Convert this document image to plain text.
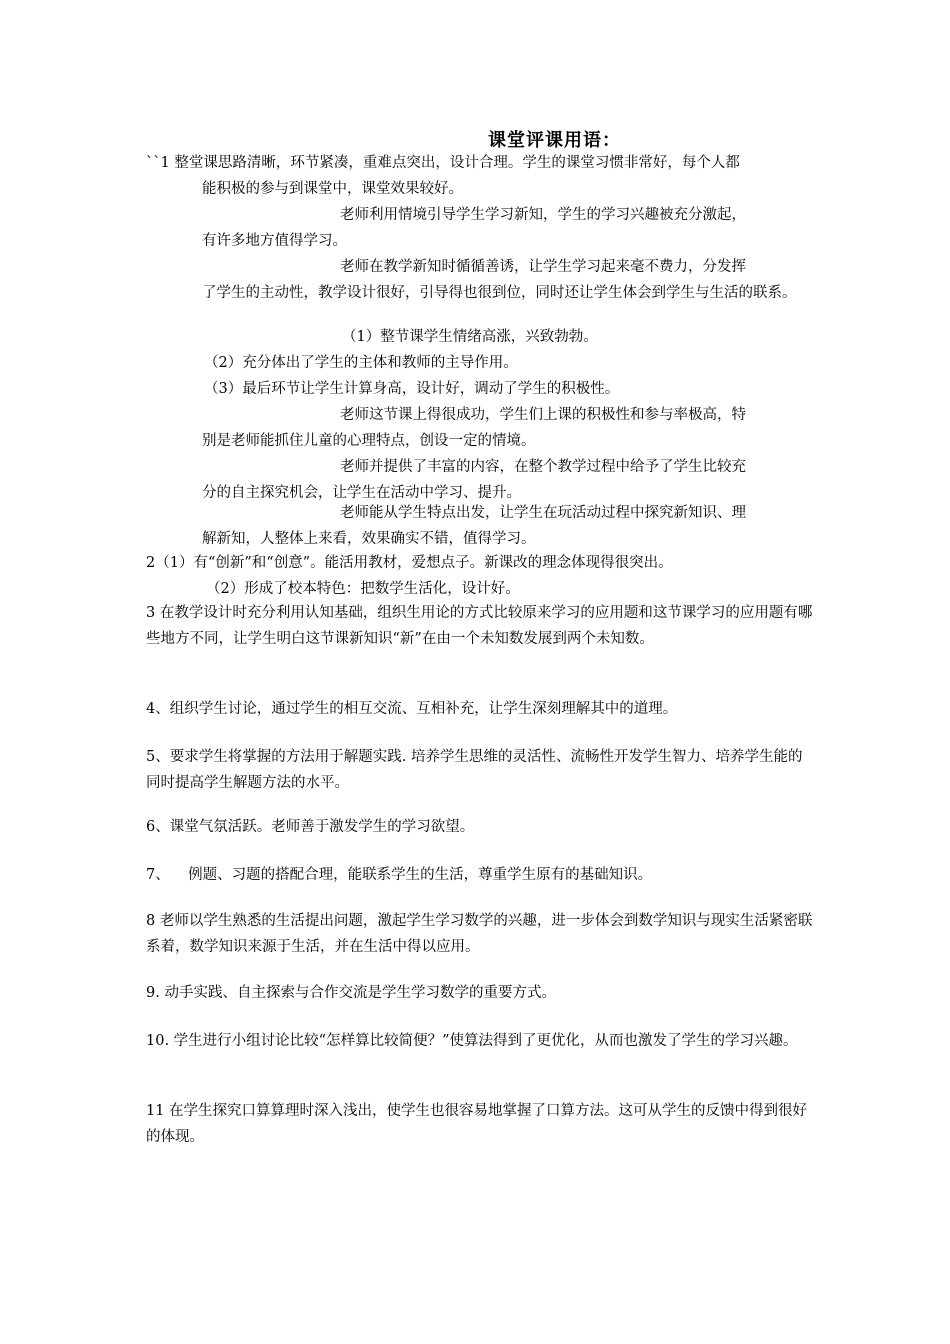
课堂评课用语：
``1 整堂课思路清晰，环节紧凑，重难点突出，设计合理。学生的课堂习惯非常好，每个人都
能积极的参与到课堂中，课堂效果较好。
老师利用情境引导学生学习新知，学生的学习兴趣被充分激起，
有许多地方值得学习。
老师在教学新知时循循善诱，让学生学习起来毫不费力，分发挥
了学生的主动性，教学设计很好，引导得也很到位，同时还让学生体会到学生与生活的联系。
（1）整节课学生情绪高涨，兴致勃勃。
（2）充分体出了学生的主体和教师的主导作用。
（3）最后环节让学生计算身高，设计好，调动了学生的积极性。
老师这节课上得很成功，学生们上课的积极性和参与率极高，特
别是老师能抓住儿童的心理特点，创设一定的情境。
老师并提供了丰富的内容，在整个教学过程中给予了学生比较充
分的自主探究机会，让学生在活动中学习、提升。
老师能从学生特点出发，让学生在玩活动过程中探究新知识、理
解新知，人整体上来看，效果确实不错，值得学习。
2（1）有“创新”和“创意”。能活用教材，爱想点子。新课改的理念体现得很突出。
（2）形成了校本特色：把数学生活化，设计好。
3 在教学设计时充分利用认知基础，组织生用论的方式比较原来学习的应用题和这节课学习的应用题有哪些地方不同，让学生明白这节课新知识“新”在由一个未知数发展到两个未知数。
4、组织学生讨论，通过学生的相互交流、互相补充，让学生深刻理解其中的道理。
5、要求学生将掌握的方法用于解题实践. 培养学生思维的灵活性、流畅性开发学生智力、培养学生能的同时提高学生解题方法的水平。
6、课堂气氛活跃。老师善于激发学生的学习欲望。
7、    例题、习题的搭配合理，能联系学生的生活，尊重学生原有的基础知识。
8 老师以学生熟悉的生活提出问题，激起学生学习数学的兴趣，进一步体会到数学知识与现实生活紧密联系着，数学知识来源于生活，并在生活中得以应用。
9. 动手实践、自主探索与合作交流是学生学习数学的重要方式。
10. 学生进行小组讨论比较“怎样算比较简便？”使算法得到了更优化，从而也激发了学生的学习兴趣。
11 在学生探究口算算理时深入浅出，使学生也很容易地掌握了口算方法。这可从学生的反馈中得到很好的体现。
